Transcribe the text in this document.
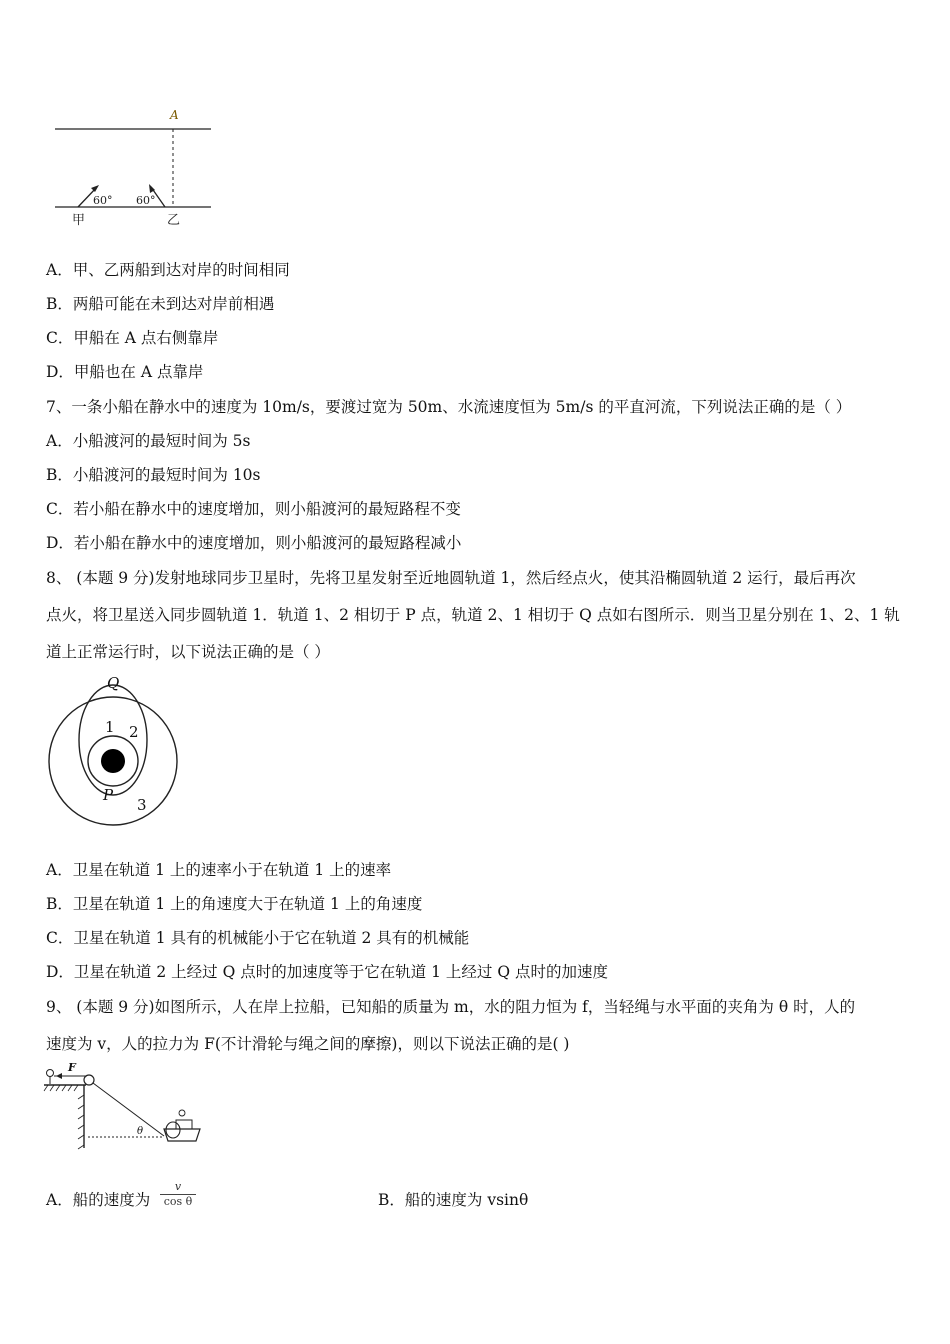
A
甲	乙
60° 60°
A．甲、乙两船到达对岸的时间相同
B．两船可能在未到达对岸前相遇
C．甲船在 A 点右侧靠岸
D．甲船也在 A 点靠岸
7、一条小船在静水中的速度为 10m/s，要渡过宽为 50m、水流速度恒为 5m/s 的平直河流，下列说法正确的是（ ）
A．小船渡河的最短时间为 5s
B．小船渡河的最短时间为 10s
C．若小船在静水中的速度增加，则小船渡河的最短路程不变
D．若小船在静水中的速度增加，则小船渡河的最短路程减小
8、 (本题 9 分)发射地球同步卫星时，先将卫星发射至近地圆轨道 1，然后经点火，使其沿椭圆轨道 2 运行，最后再次
点火，将卫星送入同步圆轨道 1．轨道 1、2 相切于 P 点，轨道 2、1 相切于 Q 点如右图所示．则当卫星分别在 1、2、1 轨
道上正常运行时，以下说法正确的是（ ）
Q
1 2
P
3
A．卫星在轨道 1 上的速率小于在轨道 1 上的速率
B．卫星在轨道 1 上的角速度大于在轨道 1 上的角速度
C．卫星在轨道 1 具有的机械能小于它在轨道 2 具有的机械能
D．卫星在轨道 2 上经过 Q 点时的加速度等于它在轨道 1 上经过 Q 点时的加速度
9、 (本题 9 分)如图所示，人在岸上拉船，已知船的质量为 m，水的阻力恒为 f，当轻绳与水平面的夹角为 θ 时，人的
速度为 v，人的拉力为 F(不计滑轮与绳之间的摩擦)，则以下说法正确的是( )
F
θ
A．船的速度为 $\frac{v}{\text{cos θ}}$	B．船的速度为 vsinθ
